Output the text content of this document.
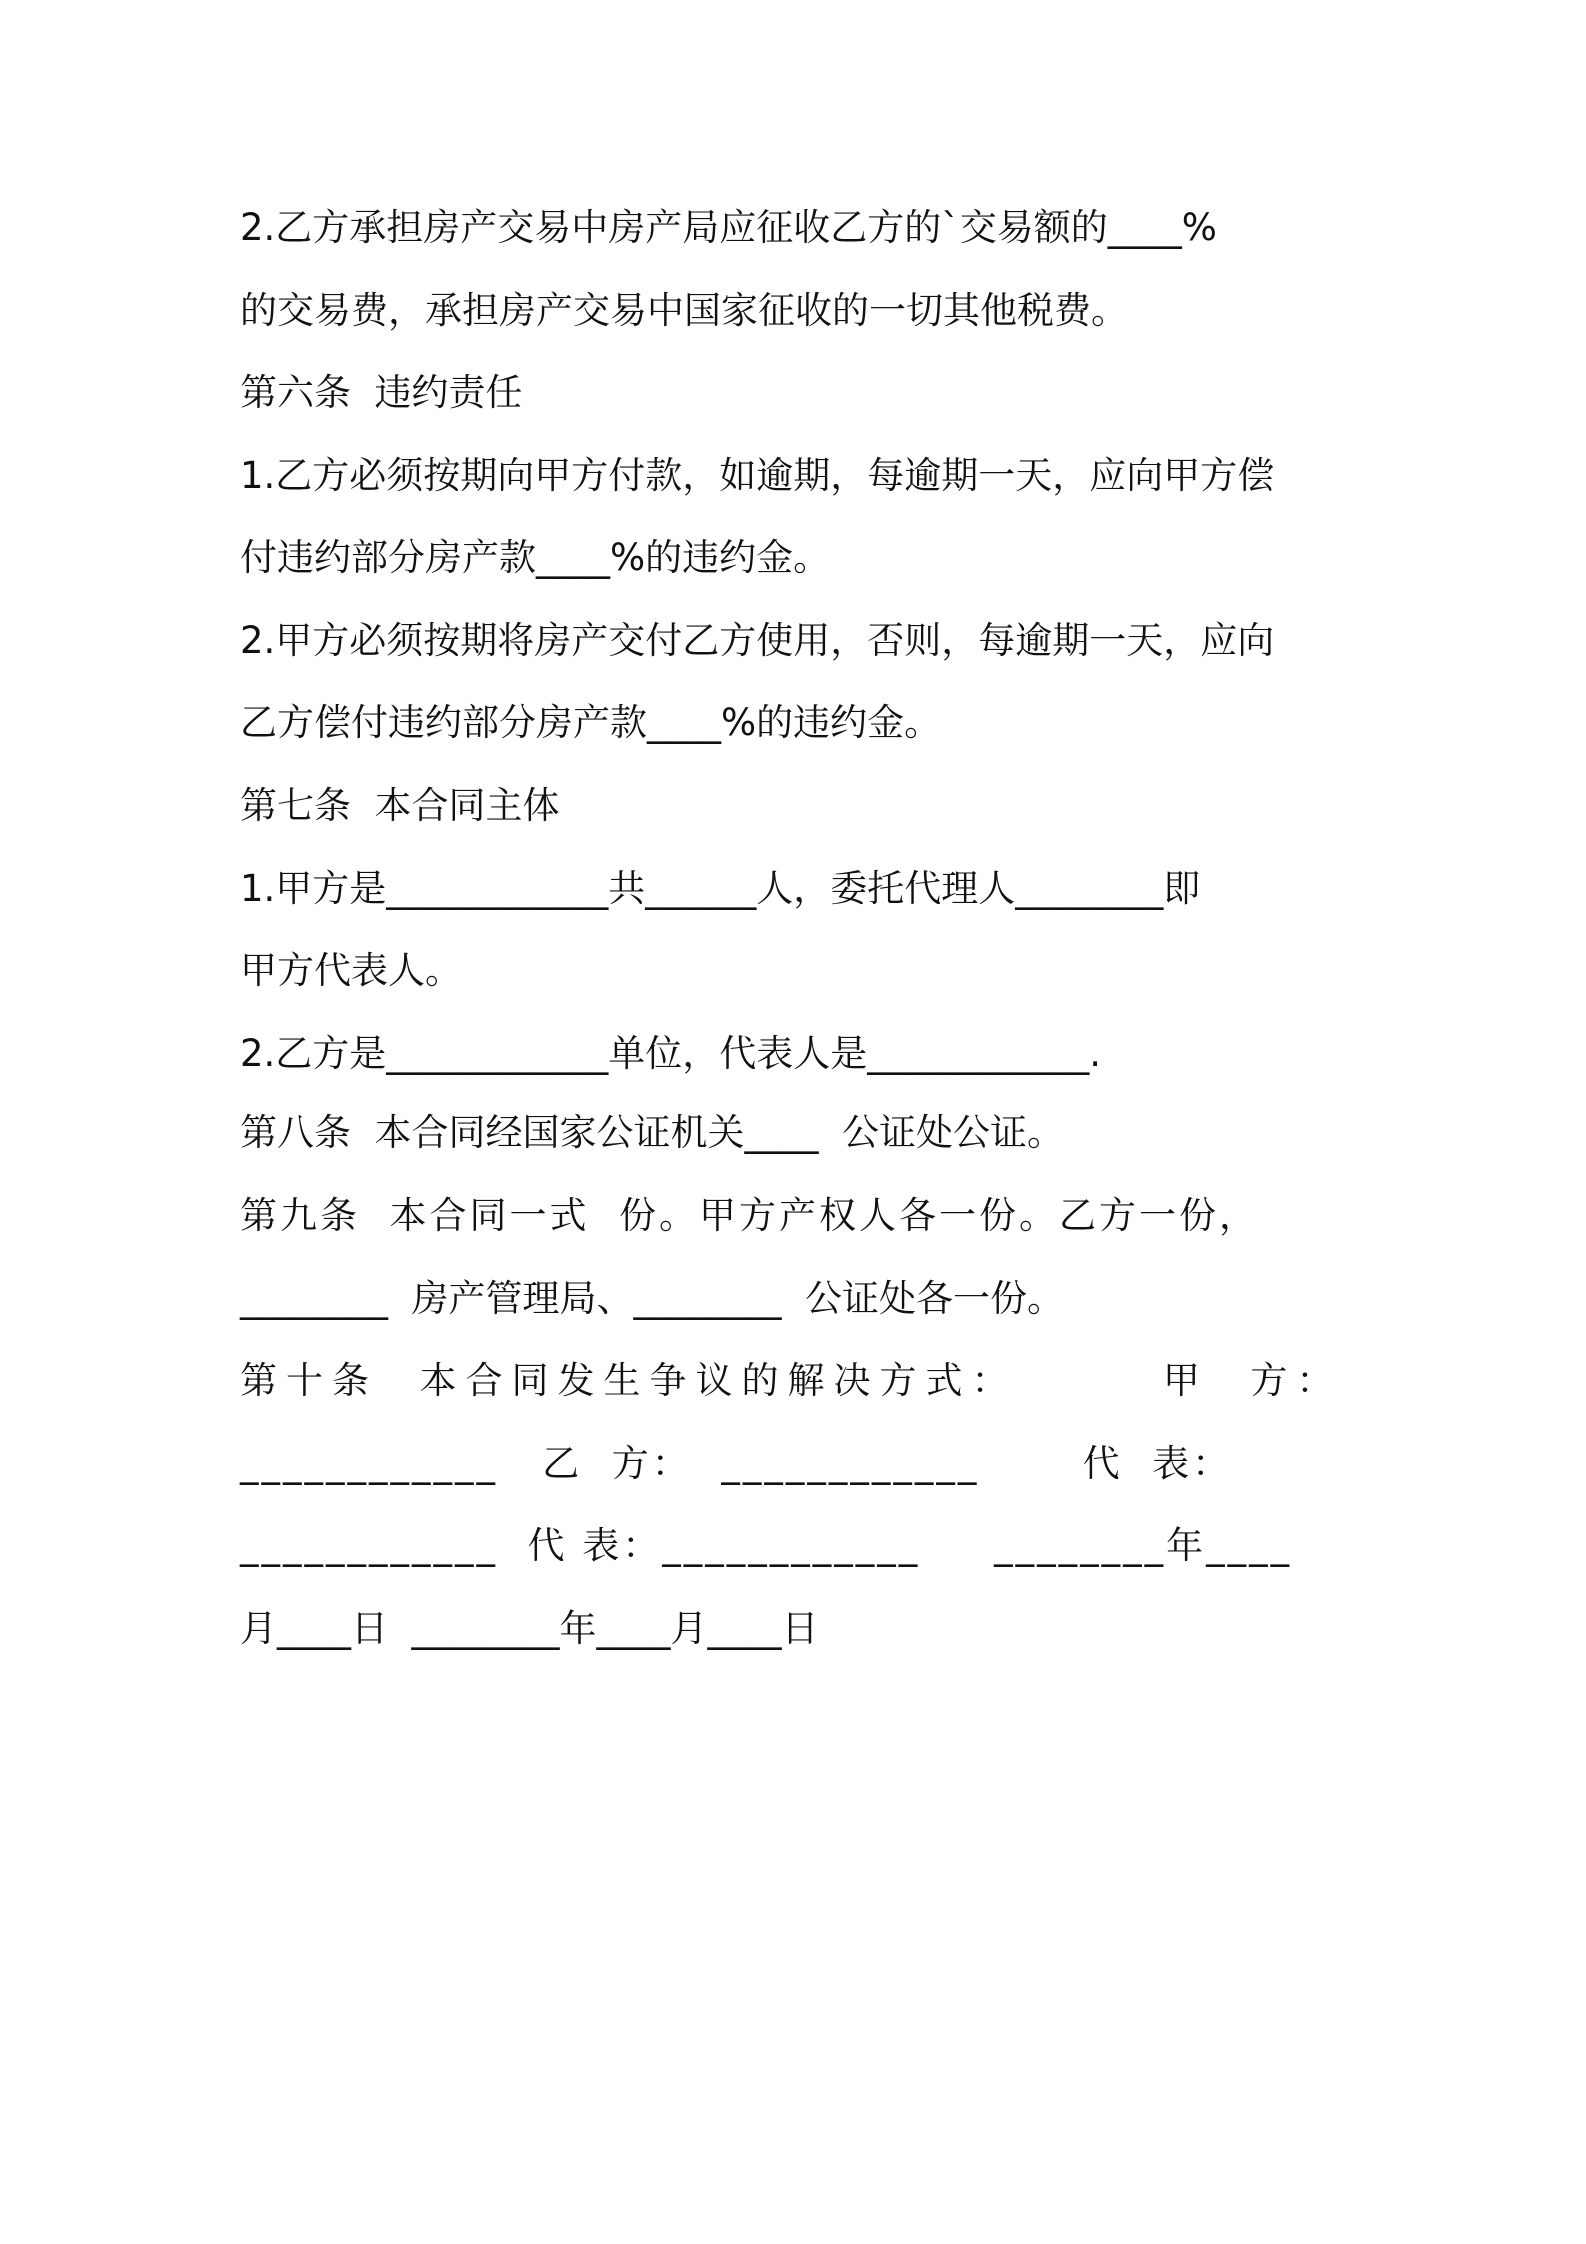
2.乙方承担房产交易中房产局应征收乙方的`交易额的____%
的交易费，承担房产交易中国家征收的一切其他税费。
第六条  违约责任
1.乙方必须按期向甲方付款，如逾期，每逾期一天，应向甲方偿
付违约部分房产款____%的违约金。
2.甲方必须按期将房产交付乙方使用，否则，每逾期一天，应向
乙方偿付违约部分房产款____%的违约金。
第七条  本合同主体
1.甲方是____________共______人，委托代理人________即
甲方代表人。
2.乙方是____________单位，代表人是____________.
第八条  本合同经国家公证机关____  公证处公证。
第九条  本合同一式  份。甲方产权人各一份。乙方一份，
________  房产管理局、________  公证处各一份。
第十条  本合同发生争议的解决方式：       甲  方：
____________   乙  方：  ____________       代  表：
____________  代 表：____________     ________年____
月____日  ________年____月____日
